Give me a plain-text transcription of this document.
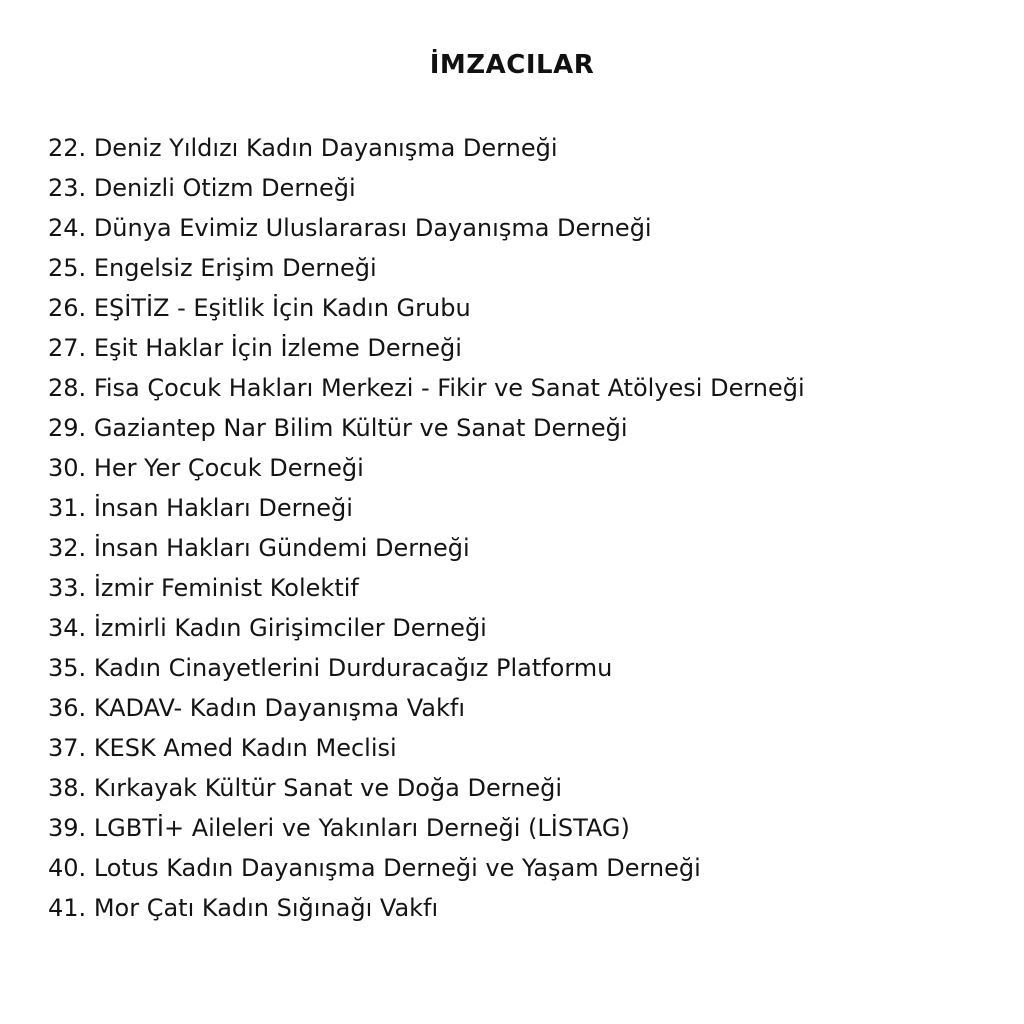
İMZACILAR
22. Deniz Yıldızı Kadın Dayanışma Derneği
23. Denizli Otizm Derneği
24. Dünya Evimiz Uluslararası Dayanışma Derneği
25. Engelsiz Erişim Derneği
26. EŞİTİZ - Eşitlik İçin Kadın Grubu
27. Eşit Haklar İçin İzleme Derneği
28. Fisa Çocuk Hakları Merkezi - Fikir ve Sanat Atölyesi Derneği
29. Gaziantep Nar Bilim Kültür ve Sanat Derneği
30. Her Yer Çocuk Derneği
31. İnsan Hakları Derneği
32. İnsan Hakları Gündemi Derneği
33. İzmir Feminist Kolektif
34. İzmirli Kadın Girişimciler Derneği
35. Kadın Cinayetlerini Durduracağız Platformu
36. KADAV- Kadın Dayanışma Vakfı
37. KESK Amed Kadın Meclisi
38. Kırkayak Kültür Sanat ve Doğa Derneği
39. LGBTİ+ Aileleri ve Yakınları Derneği (LİSTAG)
40. Lotus Kadın Dayanışma Derneği ve Yaşam Derneği
41. Mor Çatı Kadın Sığınağı Vakfı
